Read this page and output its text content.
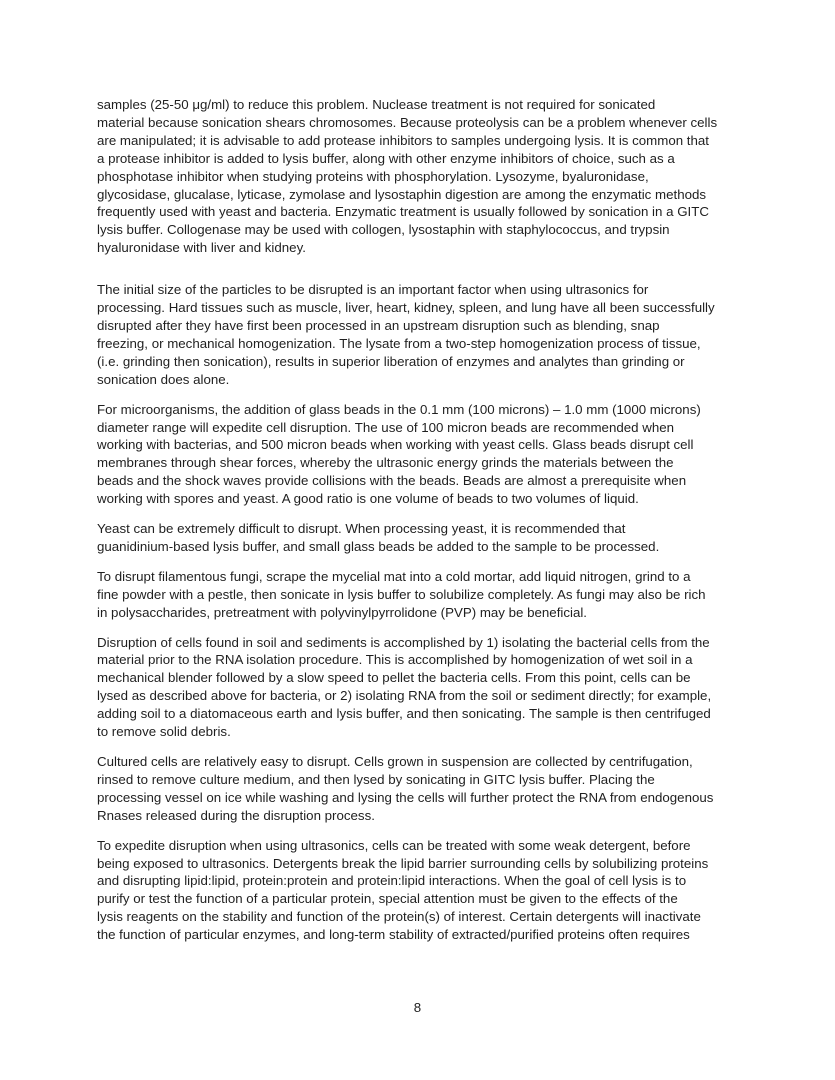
samples (25-50 μg/ml) to reduce this problem. Nuclease treatment is not required for sonicated
material because sonication shears chromosomes. Because proteolysis can be a problem whenever cells
are manipulated; it is advisable to add protease inhibitors to samples undergoing lysis. It is common that
a protease inhibitor is added to lysis buffer, along with other enzyme inhibitors of choice, such as a
phosphotase inhibitor when studying proteins with phosphorylation. Lysozyme, byaluronidase,
glycosidase, glucalase, lyticase, zymolase and lysostaphin digestion are among the enzymatic methods
frequently used with yeast and bacteria. Enzymatic treatment is usually followed by sonication in a GITC
lysis buffer. Collogenase may be used with collogen, lysostaphin with staphylococcus, and trypsin
hyaluronidase with liver and kidney.

The initial size of the particles to be disrupted is an important factor when using ultrasonics for
processing. Hard tissues such as muscle, liver, heart, kidney, spleen, and lung have all been successfully
disrupted after they have first been processed in an upstream disruption such as blending, snap
freezing, or mechanical homogenization. The lysate from a two-step homogenization process of tissue,
(i.e. grinding then sonication), results in superior liberation of enzymes and analytes than grinding or
sonication does alone.

For microorganisms, the addition of glass beads in the 0.1 mm (100 microns) – 1.0 mm (1000 microns)
diameter range will expedite cell disruption. The use of 100 micron beads are recommended when
working with bacterias, and 500 micron beads when working with yeast cells. Glass beads disrupt cell
membranes through shear forces, whereby the ultrasonic energy grinds the materials between the
beads and the shock waves provide collisions with the beads. Beads are almost a prerequisite when
working with spores and yeast. A good ratio is one volume of beads to two volumes of liquid.

Yeast can be extremely difficult to disrupt. When processing yeast, it is recommended that
guanidinium-based lysis buffer, and small glass beads be added to the sample to be processed.

To disrupt filamentous fungi, scrape the mycelial mat into a cold mortar, add liquid nitrogen, grind to a
fine powder with a pestle, then sonicate in lysis buffer to solubilize completely. As fungi may also be rich
in polysaccharides, pretreatment with polyvinylpyrrolidone (PVP) may be beneficial.

Disruption of cells found in soil and sediments is accomplished by 1) isolating the bacterial cells from the
material prior to the RNA isolation procedure. This is accomplished by homogenization of wet soil in a
mechanical blender followed by a slow speed to pellet the bacteria cells. From this point, cells can be
lysed as described above for bacteria, or 2) isolating RNA from the soil or sediment directly; for example,
adding soil to a diatomaceous earth and lysis buffer, and then sonicating. The sample is then centrifuged
to remove solid debris.

Cultured cells are relatively easy to disrupt. Cells grown in suspension are collected by centrifugation,
rinsed to remove culture medium, and then lysed by sonicating in GITC lysis buffer. Placing the
processing vessel on ice while washing and lysing the cells will further protect the RNA from endogenous
Rnases released during the disruption process.

To expedite disruption when using ultrasonics, cells can be treated with some weak detergent, before
being exposed to ultrasonics. Detergents break the lipid barrier surrounding cells by solubilizing proteins
and disrupting lipid:lipid, protein:protein and protein:lipid interactions. When the goal of cell lysis is to
purify or test the function of a particular protein, special attention must be given to the effects of the
lysis reagents on the stability and function of the protein(s) of interest. Certain detergents will inactivate
the function of particular enzymes, and long-term stability of extracted/purified proteins often requires

8
